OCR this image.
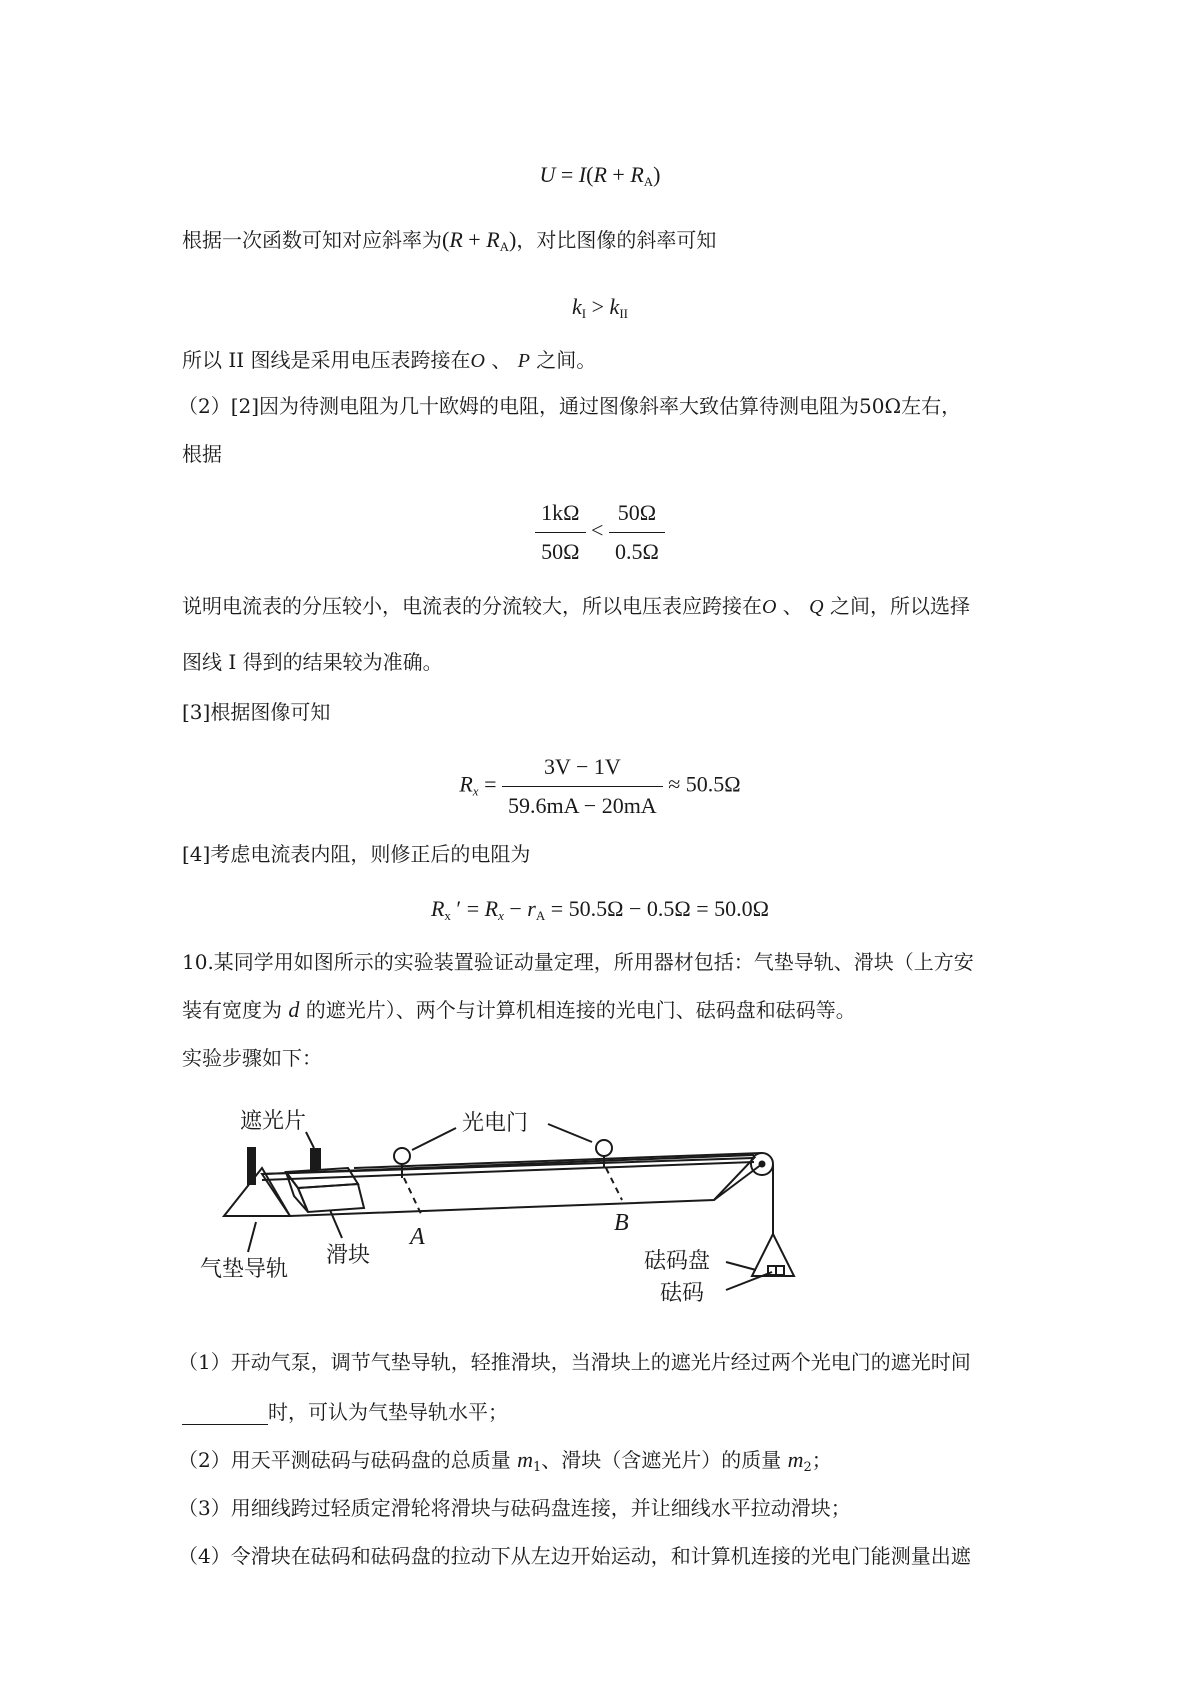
$U = I(R + R_A)$
根据一次函数可知对应斜率为$(R + R_A)$，对比图像的斜率可知
$k_I > k_{II}$
所以 II 图线是采用电压表跨接在O 、 P 之间。
（2）[2]因为待测电阻为几十欧姆的电阻，通过图像斜率大致估算待测电阻为50Ω左右，
根据
$\frac{1k\Omega}{50\Omega} < \frac{50\Omega}{0.5\Omega}$
说明电流表的分压较小，电流表的分流较大，所以电压表应跨接在O 、 Q 之间，所以选择
图线 I 得到的结果较为准确。
[3]根据图像可知
$R_x = \frac{3V - 1V}{59.6mA - 20mA} \approx 50.5\Omega$
[4]考虑电流表内阻，则修正后的电阻为
$R_x$ ′ = $R_x - r_A = 50.5\Omega - 0.5\Omega = 50.0\Omega$
10.某同学用如图所示的实验装置验证动量定理，所用器材包括：气垫导轨、滑块（上方安
装有宽度为 d 的遮光片）、两个与计算机相连接的光电门、砝码盘和砝码等。
实验步骤如下：
遮光片	光电门
气垫导轨
滑块
A
B
砝码盘
砝码
（1）开动气泵，调节气垫导轨，轻推滑块，当滑块上的遮光片经过两个光电门的遮光时间
时，可认为气垫导轨水平；
（2）用天平测砝码与砝码盘的总质量 $m_1$、滑块（含遮光片）的质量 $m_2$；
（3）用细线跨过轻质定滑轮将滑块与砝码盘连接，并让细线水平拉动滑块；
（4）令滑块在砝码和砝码盘的拉动下从左边开始运动，和计算机连接的光电门能测量出遮
